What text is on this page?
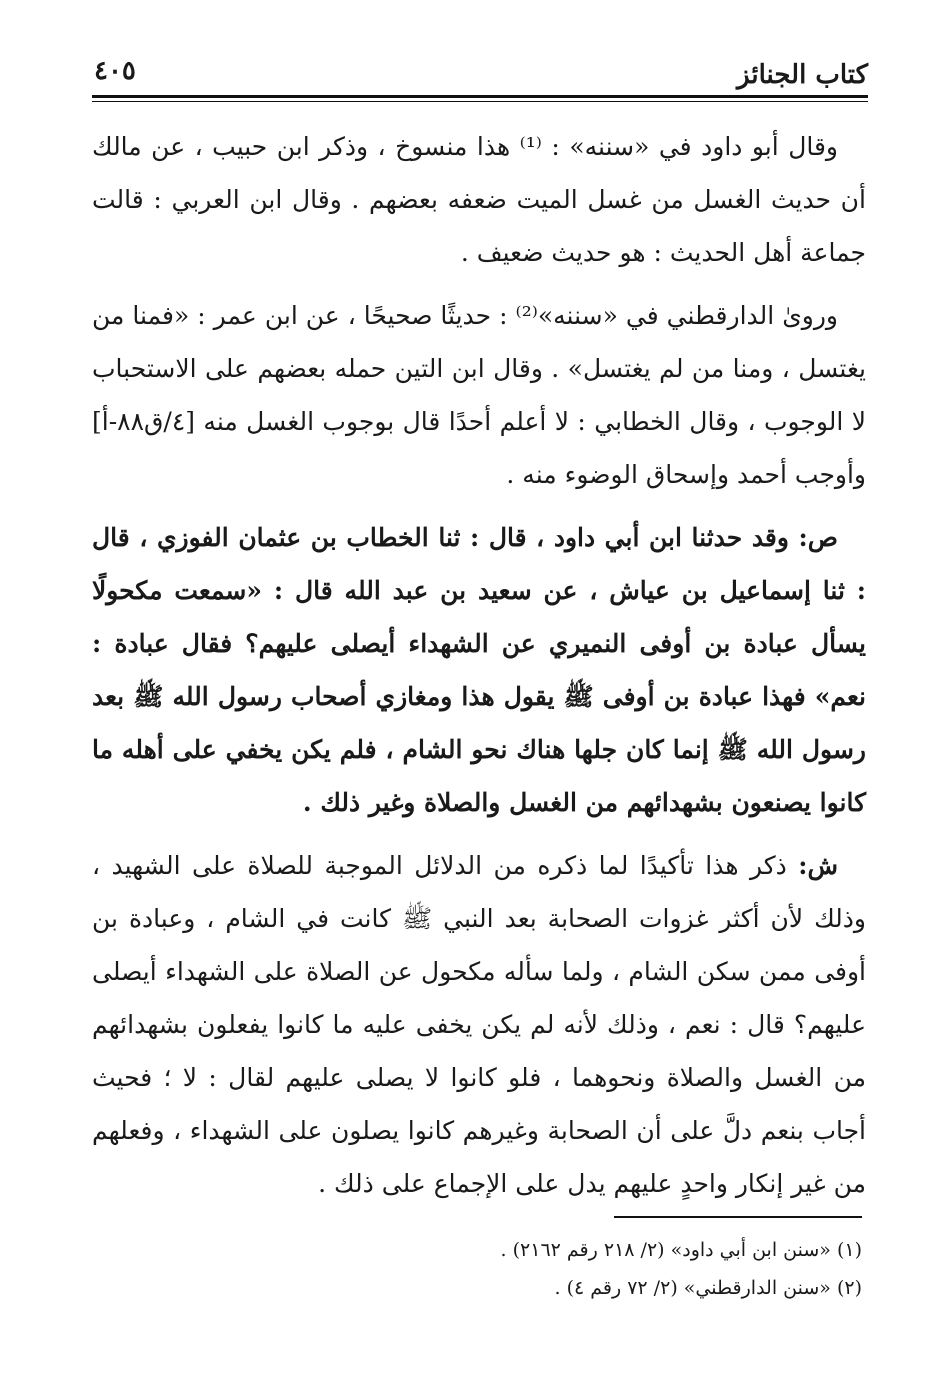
كتاب الجنائز
٤٠٥

وقال أبو داود في «سننه» : ⁽¹⁾ هذا منسوخ ، وذكر ابن حبيب ، عن مالك أن حديث الغسل من غسل الميت ضعفه بعضهم . وقال ابن العربي : قالت جماعة أهل الحديث : هو حديث ضعيف .

وروىٰ الدارقطني في «سننه»⁽²⁾ : حديثًا صحيحًا ، عن ابن عمر : «فمنا من يغتسل ، ومنا من لم يغتسل» . وقال ابن التين حمله بعضهم على الاستحباب لا الوجوب ، وقال الخطابي : لا أعلم أحدًا قال بوجوب الغسل منه [٤/ق٨٨-أ] وأوجب أحمد وإسحاق الوضوء منه .

ص: وقد حدثنا ابن أبي داود ، قال : ثنا الخطاب بن عثمان الفوزي ، قال : ثنا إسماعيل بن عياش ، عن سعيد بن عبد الله قال : «سمعت مكحولًا يسأل عبادة بن أوفى النميري عن الشهداء أيصلى عليهم؟ فقال عبادة : نعم» فهذا عبادة بن أوفى ﷺ يقول هذا ومغازي أصحاب رسول الله ﷺ بعد رسول الله ﷺ إنما كان جلها هناك نحو الشام ، فلم يكن يخفي على أهله ما كانوا يصنعون بشهدائهم من الغسل والصلاة وغير ذلك .

ش: ذكر هذا تأكيدًا لما ذكره من الدلائل الموجبة للصلاة على الشهيد ، وذلك لأن أكثر غزوات الصحابة بعد النبي ﷺ كانت في الشام ، وعبادة بن أوفى ممن سكن الشام ، ولما سأله مكحول عن الصلاة على الشهداء أيصلى عليهم؟ قال : نعم ، وذلك لأنه لم يكن يخفى عليه ما كانوا يفعلون بشهدائهم من الغسل والصلاة ونحوهما ، فلو كانوا لا يصلى عليهم لقال : لا ؛ فحيث أجاب بنعم دلَّ على أن الصحابة وغيرهم كانوا يصلون على الشهداء ، وفعلهم من غير إنكار واحدٍ عليهم يدل على الإجماع على ذلك .

(١) «سنن ابن أبي داود» (٢/ ٢١٨ رقم ٢١٦٢) .

(٢) «سنن الدارقطني» (٢/ ٧٢ رقم ٤) .
